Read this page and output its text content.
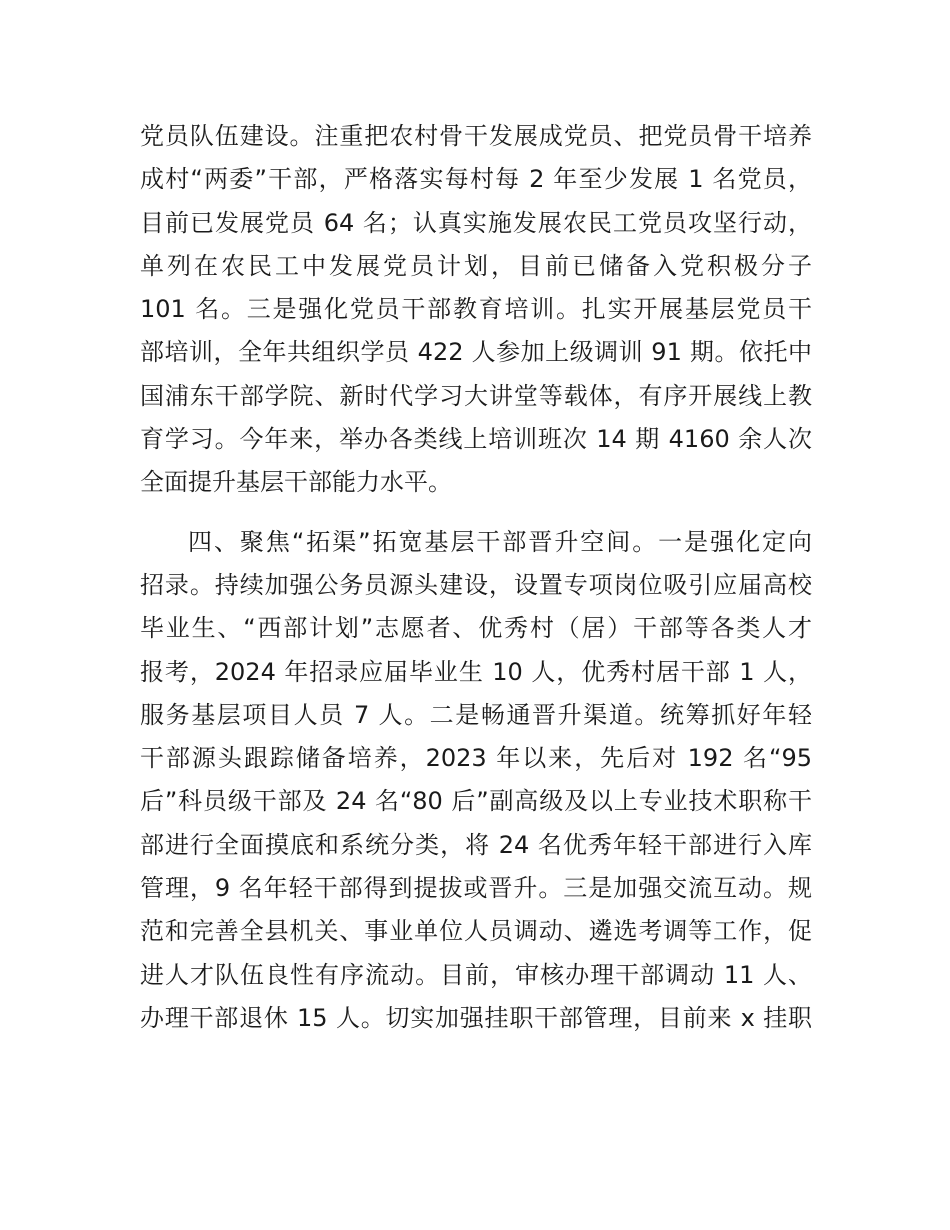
党员队伍建设。注重把农村骨干发展成党员、把党员骨干培养
成村“两委”干部，严格落实每村每 2 年至少发展 1 名党员，
目前已发展党员 64 名；认真实施发展农民工党员攻坚行动，
单列在农民工中发展党员计划，目前已储备入党积极分子
101 名。三是强化党员干部教育培训。扎实开展基层党员干
部培训，全年共组织学员 422 人参加上级调训 91 期。依托中
国浦东干部学院、新时代学习大讲堂等载体，有序开展线上教
育学习。今年来，举办各类线上培训班次 14 期 4160 余人次
全面提升基层干部能力水平。
四、聚焦“拓渠”拓宽基层干部晋升空间。一是强化定向
招录。持续加强公务员源头建设，设置专项岗位吸引应届高校
毕业生、“西部计划”志愿者、优秀村（居）干部等各类人才
报考，2024 年招录应届毕业生 10 人，优秀村居干部 1 人，
服务基层项目人员 7 人。二是畅通晋升渠道。统筹抓好年轻
干部源头跟踪储备培养，2023 年以来，先后对 192 名“95
后”科员级干部及 24 名“80 后”副高级及以上专业技术职称干
部进行全面摸底和系统分类，将 24 名优秀年轻干部进行入库
管理，9 名年轻干部得到提拔或晋升。三是加强交流互动。规
范和完善全县机关、事业单位人员调动、遴选考调等工作，促
进人才队伍良性有序流动。目前，审核办理干部调动 11 人、
办理干部退休 15 人。切实加强挂职干部管理，目前来 x 挂职
